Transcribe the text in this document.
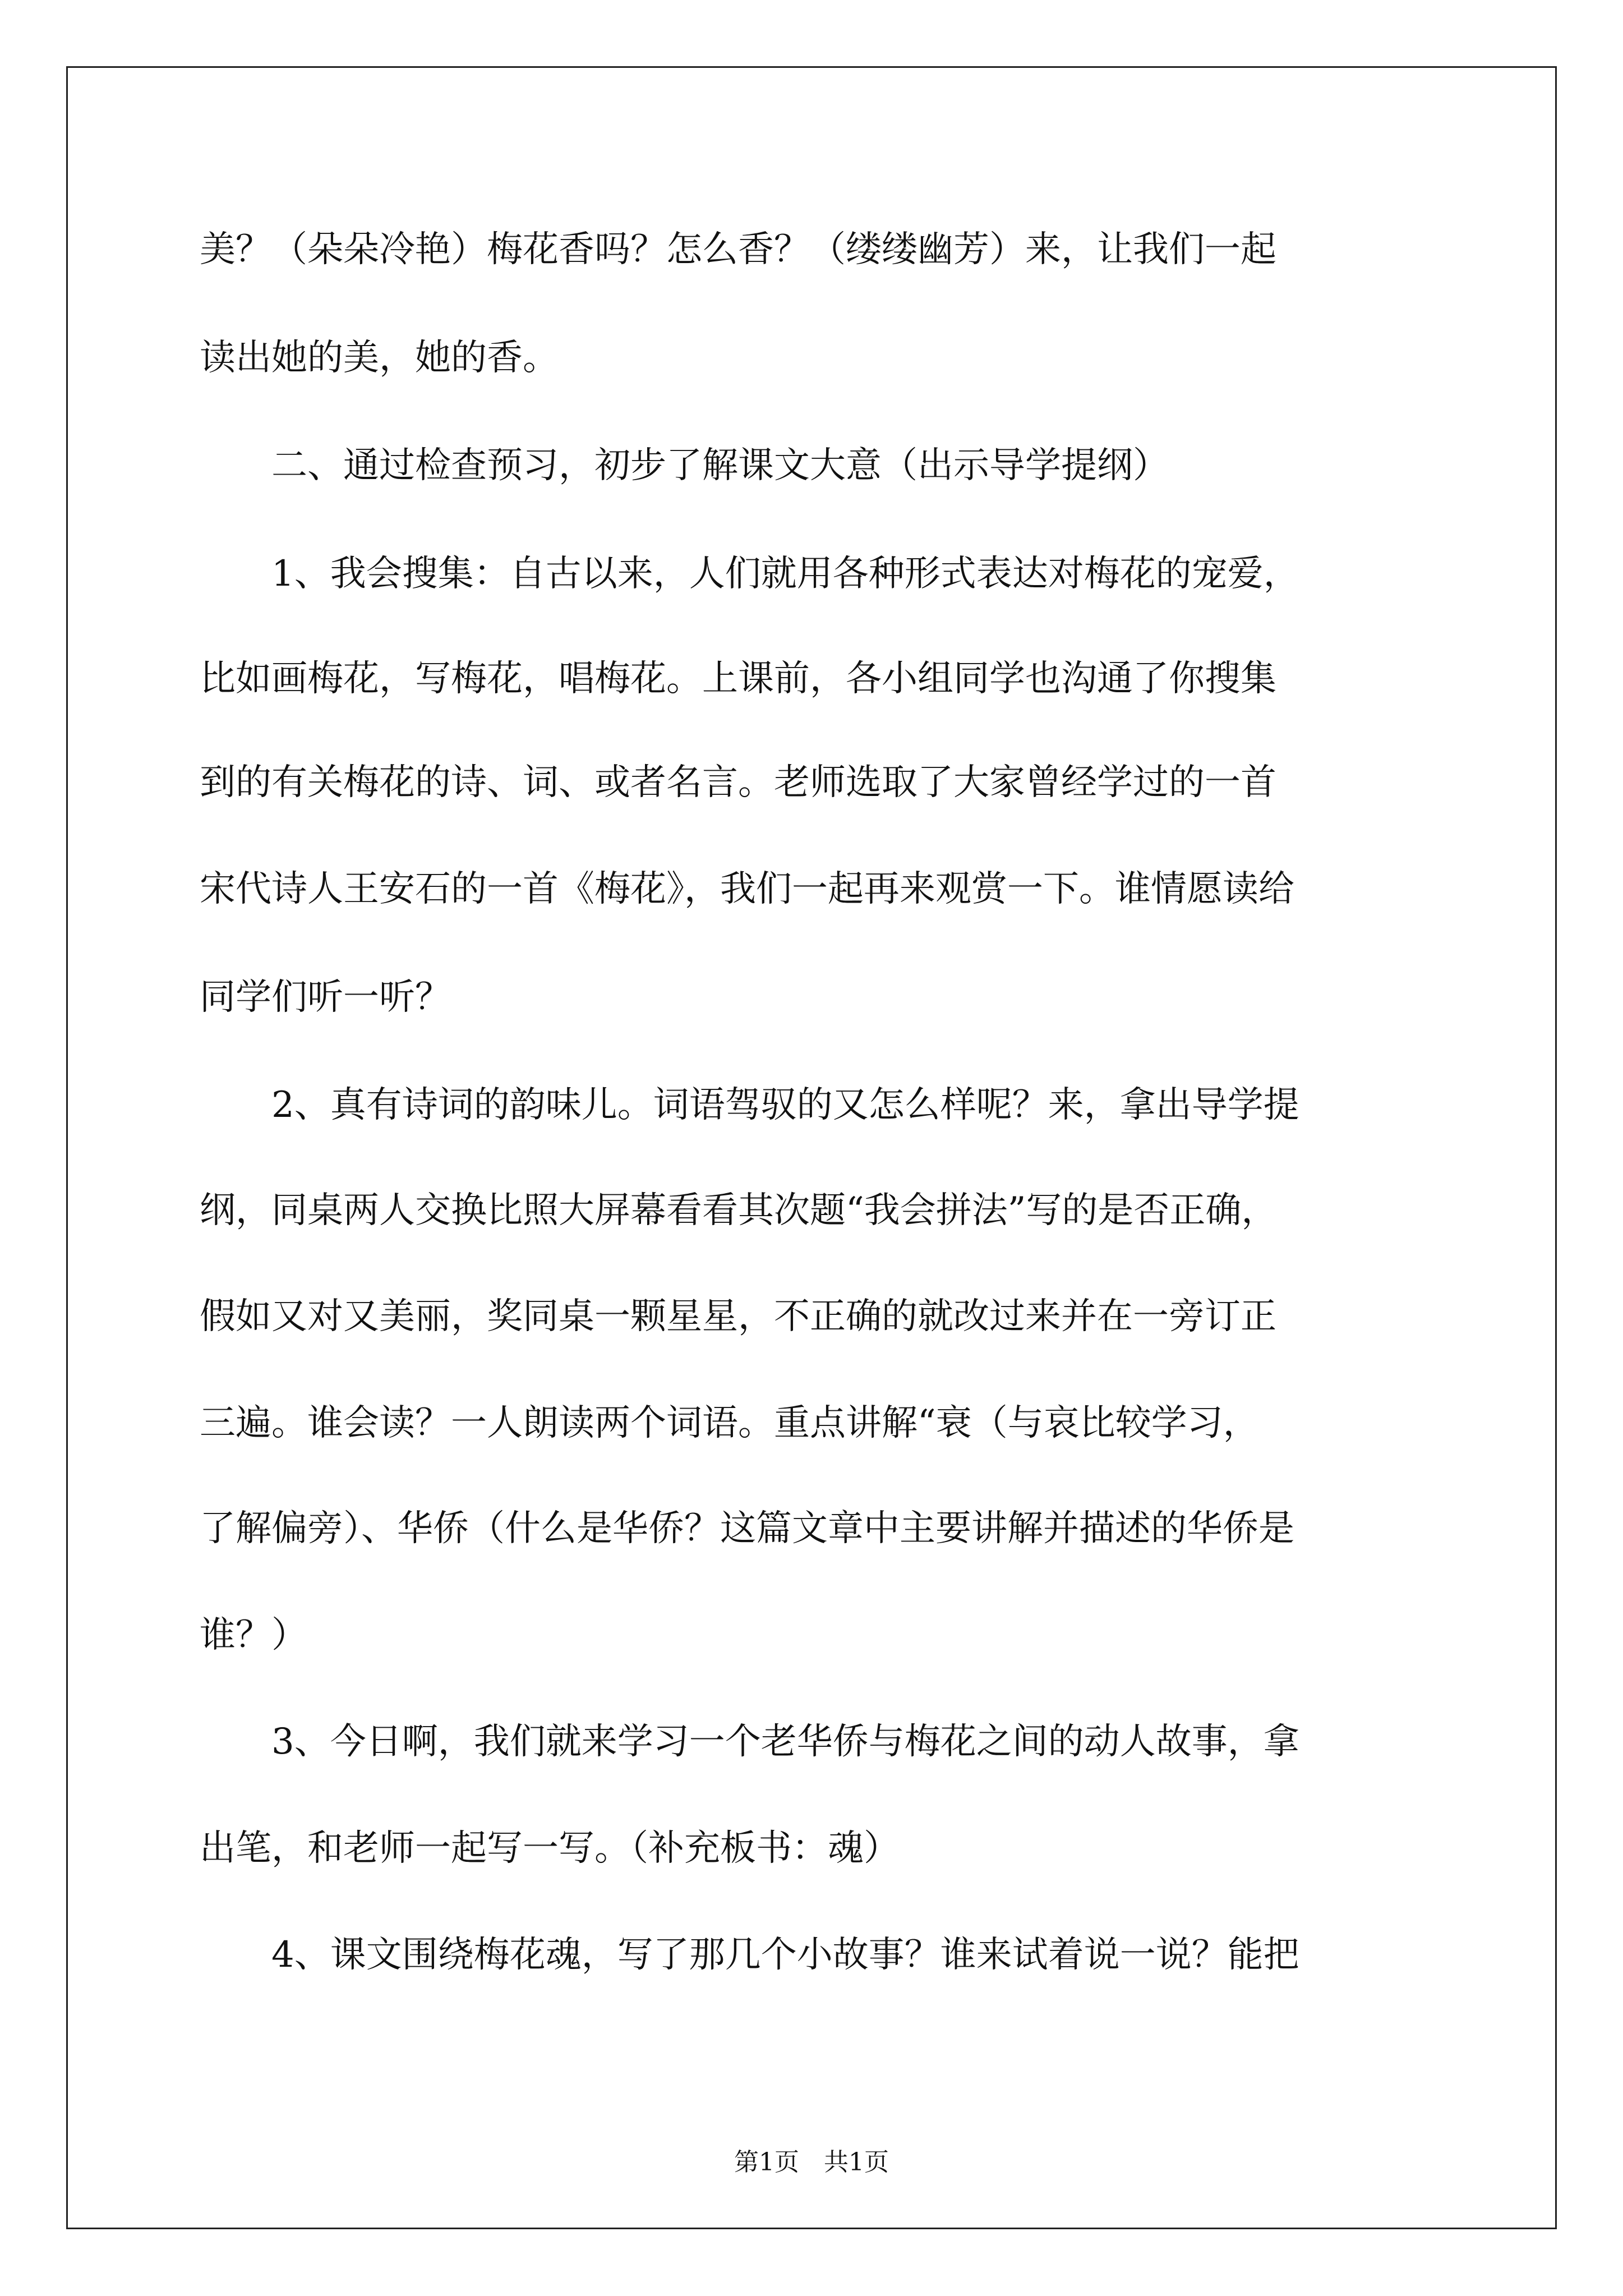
美？（朵朵冷艳）梅花香吗？怎么香？（缕缕幽芳）来，让我们一起
读出她的美，她的香。
　　二、通过检查预习，初步了解课文大意（出示导学提纲）
　　1、我会搜集：自古以来，人们就用各种形式表达对梅花的宠爱，
比如画梅花，写梅花，唱梅花。上课前，各小组同学也沟通了你搜集
到的有关梅花的诗、词、或者名言。老师选取了大家曾经学过的一首
宋代诗人王安石的一首《梅花》，我们一起再来观赏一下。谁情愿读给
同学们听一听？
　　2、真有诗词的韵味儿。词语驾驭的又怎么样呢？来，拿出导学提
纲，同桌两人交换比照大屏幕看看其次题“我会拼法”写的是否正确，
假如又对又美丽，奖同桌一颗星星，不正确的就改过来并在一旁订正
三遍。谁会读？一人朗读两个词语。重点讲解“衰（与哀比较学习，
了解偏旁）、华侨（什么是华侨？这篇文章中主要讲解并描述的华侨是
谁？）
　　3、今日啊，我们就来学习一个老华侨与梅花之间的动人故事，拿
出笔，和老师一起写一写。（补充板书：魂）
　　4、课文围绕梅花魂，写了那几个小故事？谁来试着说一说？能把
第1页　共1页
